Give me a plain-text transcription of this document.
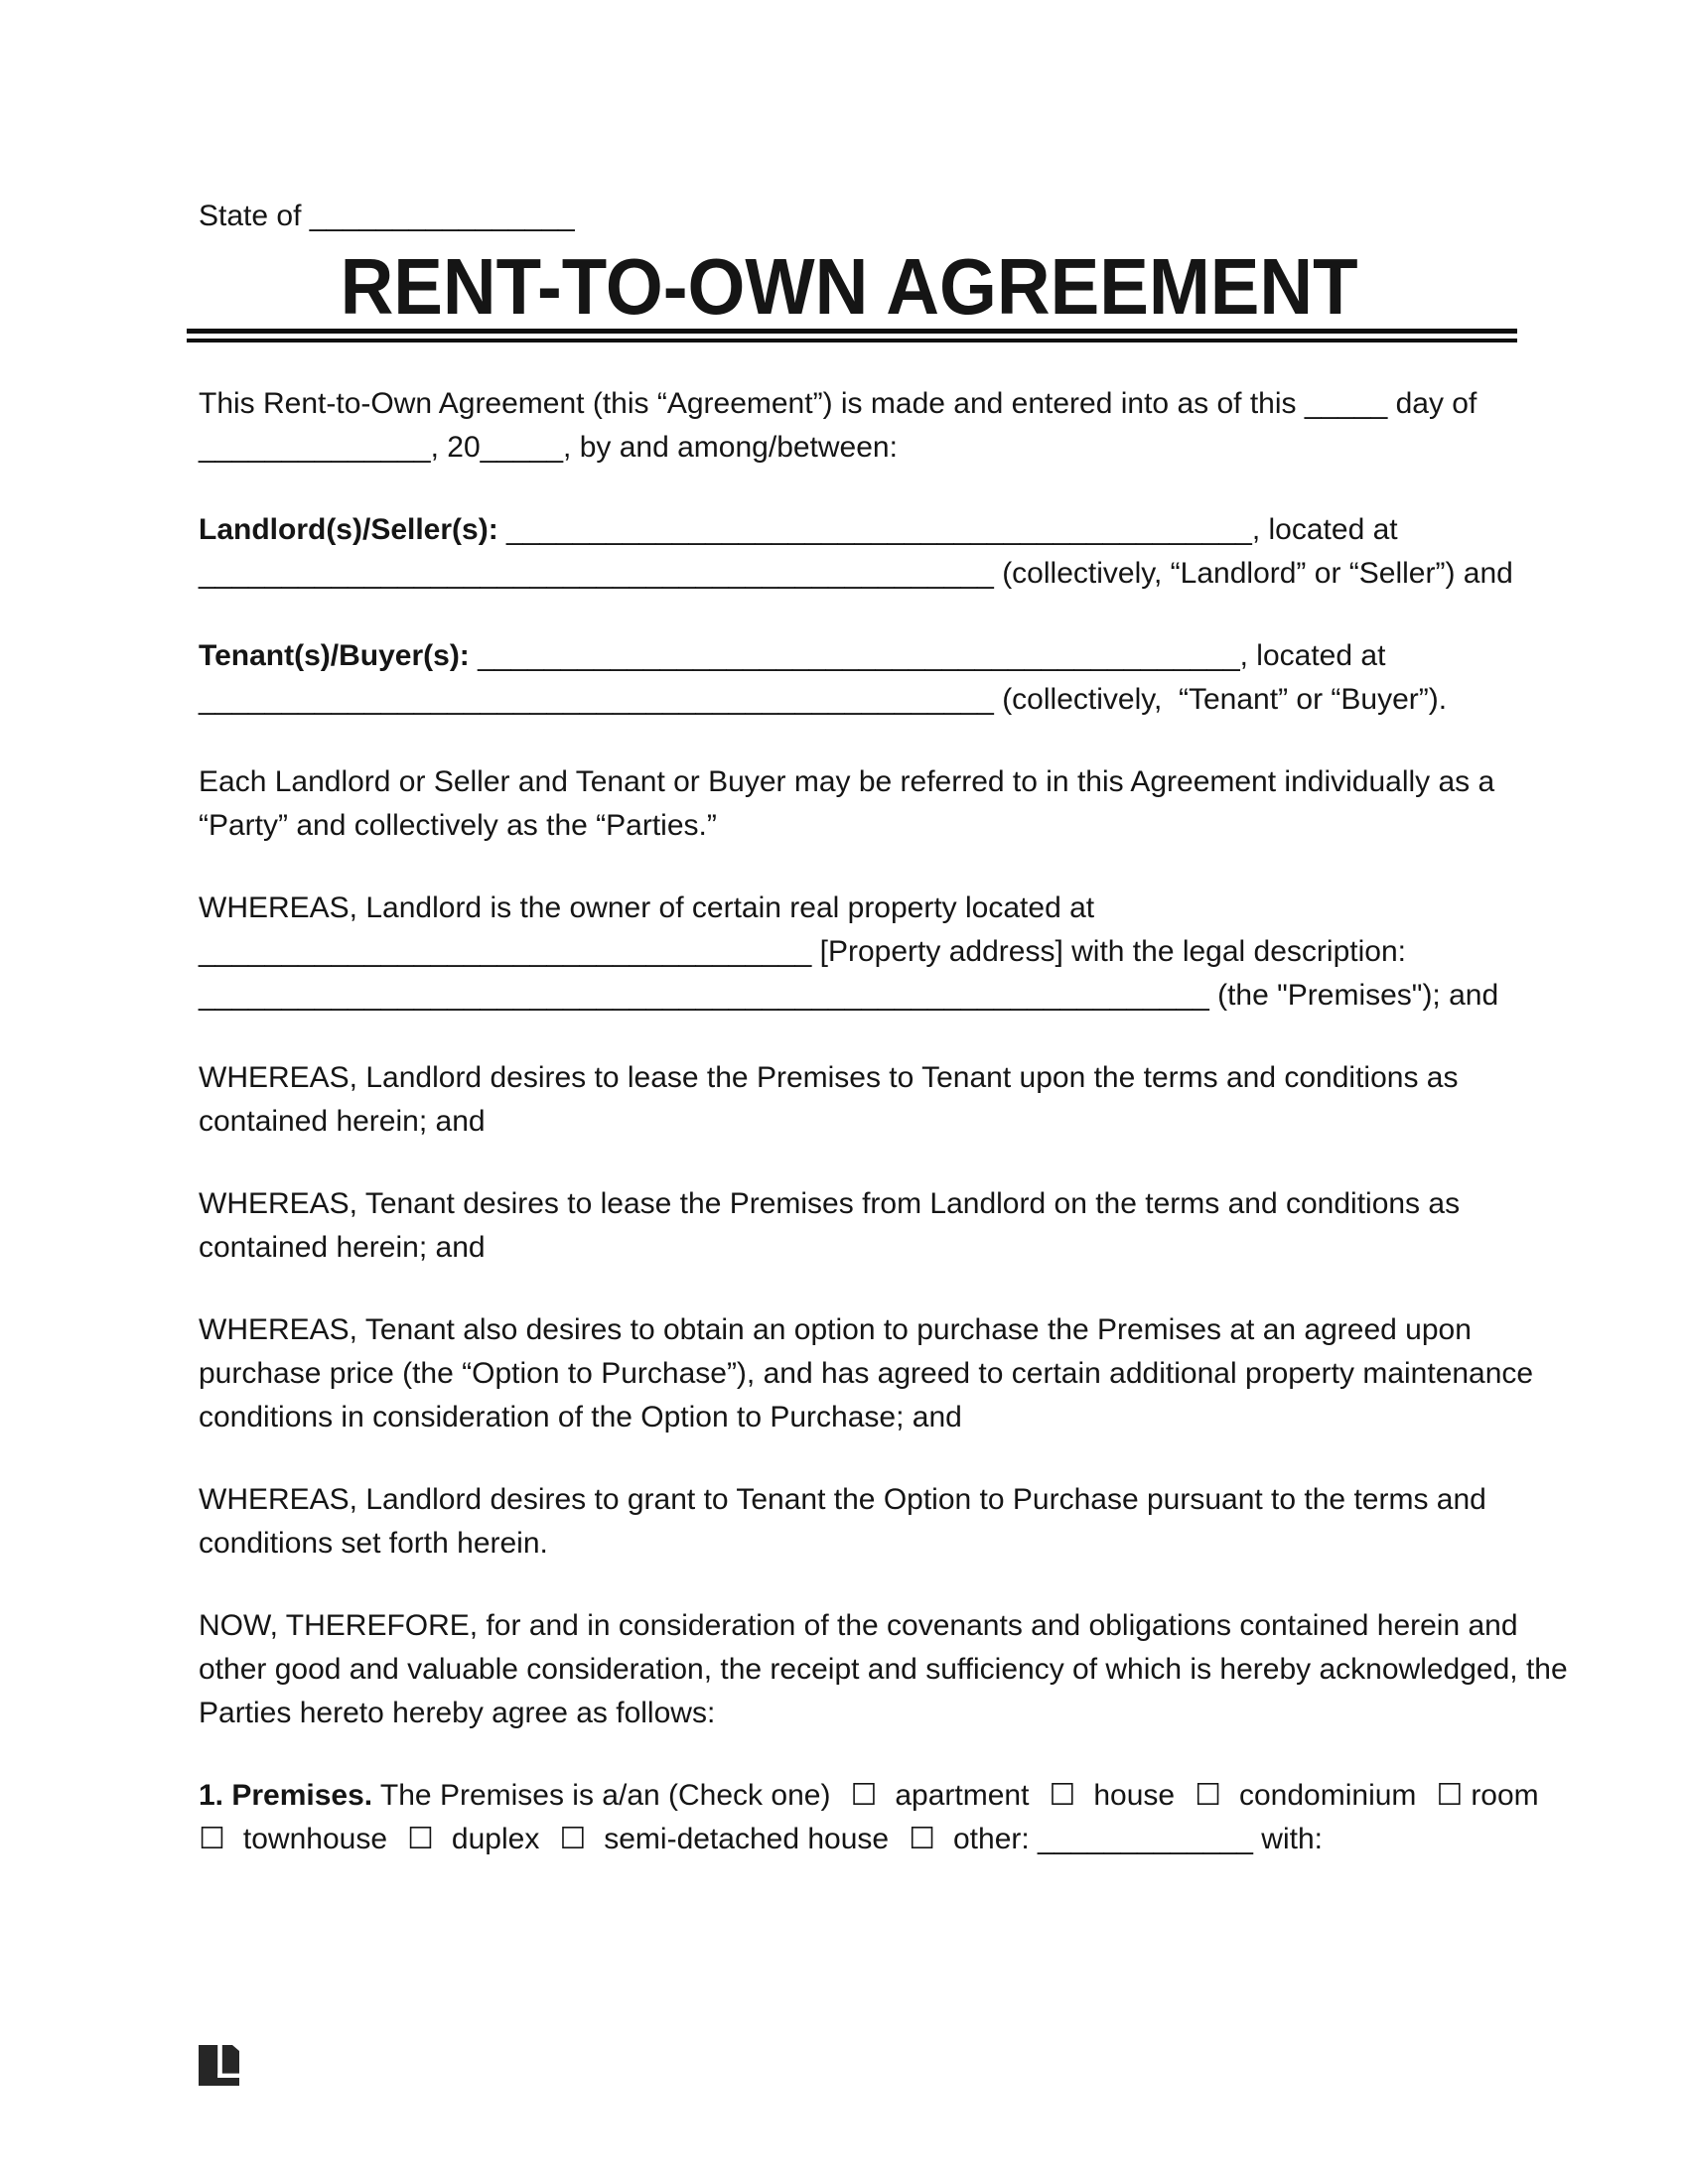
State of ________________
RENT-TO-OWN AGREEMENT
This Rent-to-Own Agreement (this “Agreement”) is made and entered into as of this _____ day of
______________, 20_____, by and among/between:
Landlord(s)/Seller(s): _____________________________________________, located at
________________________________________________ (collectively, “Landlord” or “Seller”) and
Tenant(s)/Buyer(s): ______________________________________________, located at
________________________________________________ (collectively,  “Tenant” or “Buyer”).
Each Landlord or Seller and Tenant or Buyer may be referred to in this Agreement individually as a
“Party” and collectively as the “Parties.”
WHEREAS, Landlord is the owner of certain real property located at
_____________________________________ [Property address] with the legal description:
_____________________________________________________________ (the "Premises"); and
WHEREAS, Landlord desires to lease the Premises to Tenant upon the terms and conditions as
contained herein; and
WHEREAS, Tenant desires to lease the Premises from Landlord on the terms and conditions as
contained herein; and
WHEREAS, Tenant also desires to obtain an option to purchase the Premises at an agreed upon
purchase price (the “Option to Purchase”), and has agreed to certain additional property maintenance
conditions in consideration of the Option to Purchase; and
WHEREAS, Landlord desires to grant to Tenant the Option to Purchase pursuant to the terms and
conditions set forth herein.
NOW, THEREFORE, for and in consideration of the covenants and obligations contained herein and
other good and valuable consideration, the receipt and sufficiency of which is hereby acknowledged, the
Parties hereto hereby agree as follows:
1. Premises. The Premises is a/an (Check one) ☐ apartment ☐ house ☐ condominium ☐ room
☐ townhouse ☐ duplex ☐ semi-detached house ☐ other: _____________ with:
